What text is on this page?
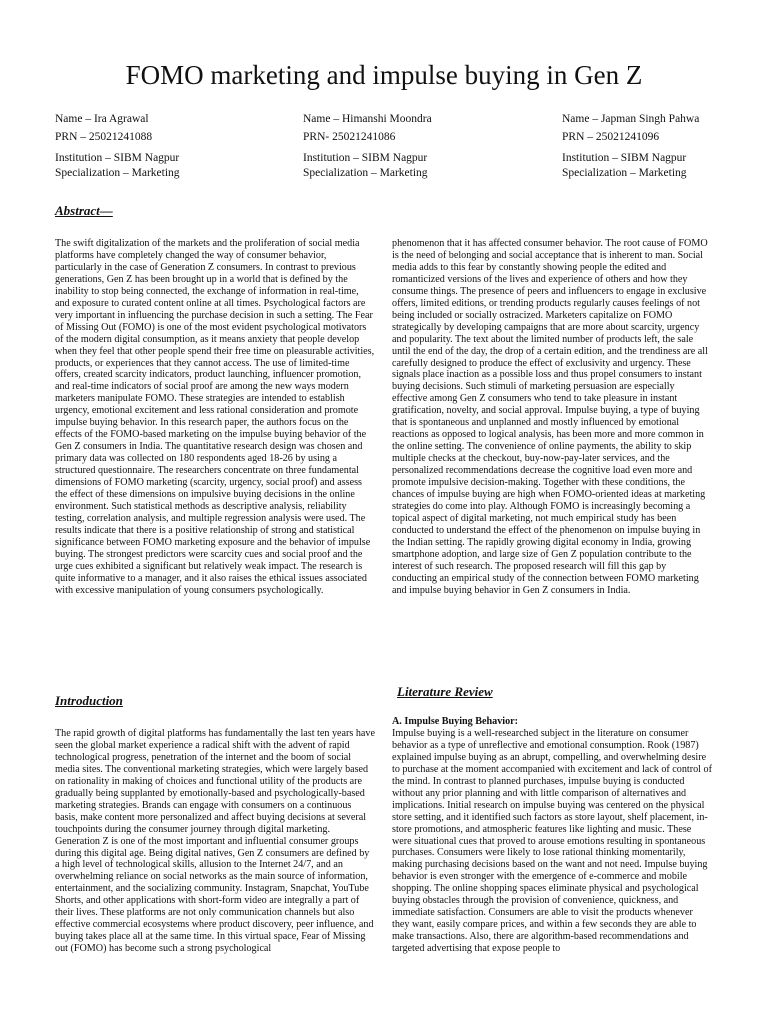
FOMO marketing and impulse buying in Gen Z
Name – Ira Agrawal
PRN – 25021241088
Institution – SIBM Nagpur
Specialization – Marketing
Name – Himanshi Moondra
PRN- 25021241086
Institution – SIBM Nagpur
Specialization – Marketing
Name – Japman Singh Pahwa
PRN – 25021241096
Institution – SIBM Nagpur
Specialization – Marketing
Abstract—

The swift digitalization of the markets and the proliferation of social media platforms have completely changed the way of consumer behavior, particularly in the case of Generation Z consumers. In contrast to previous generations, Gen Z has been brought up in a world that is defined by the inability to stop being connected, the exchange of information in real-time, and exposure to curated content online at all times. Psychological factors are very important in influencing the purchase decision in such a setting. The Fear of Missing Out (FOMO) is one of the most evident psychological motivators of the modern digital consumption, as it means anxiety that people develop when they feel that other people spend their free time on pleasurable activities, products, or experiences that they cannot access. The use of limited-time offers, created scarcity indicators, product launching, influencer promotion, and real-time indicators of social proof are among the new ways modern marketers manipulate FOMO. These strategies are intended to establish urgency, emotional excitement and less rational consideration and promote impulse buying behavior. In this research paper, the authors focus on the effects of the FOMO-based marketing on the impulse buying behavior of the Gen Z consumers in India. The quantitative research design was chosen and primary data was collected on 180 respondents aged 18-26 by using a structured questionnaire. The researchers concentrate on three fundamental dimensions of FOMO marketing (scarcity, urgency, social proof) and assess the effect of these dimensions on impulsive buying decisions in the online environment. Such statistical methods as descriptive analysis, reliability testing, correlation analysis, and multiple regression analysis were used. The results indicate that there is a positive relationship of strong and statistical significance between FOMO marketing exposure and the behavior of impulse buying. The strongest predictors were scarcity cues and social proof and the urge cues exhibited a significant but relatively weak impact. The research is quite informative to a manager, and it also raises the ethical issues associated with excessive manipulation of young consumers psychologically.

Introduction

The rapid growth of digital platforms has fundamentally the last ten years have seen the global market experience a radical shift with the advent of rapid technological progress, penetration of the internet and the boom of social media sites. The conventional marketing strategies, which were largely based on rationality in making of choices and functional utility of the products are gradually being supplanted by emotionally-based and psychologically-based marketing strategies. Brands can engage with consumers on a continuous basis, make content more personalized and affect buying decisions at several touchpoints during the consumer journey through digital marketing. Generation Z is one of the most important and influential consumer groups during this digital age. Being digital natives, Gen Z consumers are defined by a high level of technological skills, allusion to the Internet 24/7, and an overwhelming reliance on social networks as the main source of information, entertainment, and the socializing community. Instagram, Snapchat, YouTube Shorts, and other applications with short-form video are integrally a part of their lives. These platforms are not only communication channels but also effective commercial ecosystems where product discovery, peer influence, and buying takes place all at the same time. In this virtual space, Fear of Missing out (FOMO) has become such a strong psychological

phenomenon that it has affected consumer behavior. The root cause of FOMO is the need of belonging and social acceptance that is inherent to man. Social media adds to this fear by constantly showing people the edited and romanticized versions of the lives and experience of others and how they consume things. The presence of peers and influencers to engage in exclusive offers, limited editions, or trending products regularly causes feelings of not being included or socially ostracized. Marketers capitalize on FOMO strategically by developing campaigns that are more about scarcity, urgency and popularity. The text about the limited number of products left, the sale until the end of the day, the drop of a certain edition, and the trendiness are all carefully designed to produce the effect of exclusivity and urgency. These signals place inaction as a possible loss and thus propel consumers to instant buying decisions. Such stimuli of marketing persuasion are especially effective among Gen Z consumers who tend to take pleasure in instant gratification, novelty, and social approval. Impulse buying, a type of buying that is spontaneous and unplanned and mostly influenced by emotional reactions as opposed to logical analysis, has been more and more common in the online setting. The convenience of online payments, the ability to skip multiple checks at the checkout, buy-now-pay-later services, and the personalized recommendations decrease the cognitive load even more and promote impulsive decision-making. Together with these conditions, the chances of impulse buying are high when FOMO-oriented ideas at marketing strategies do come into play. Although FOMO is increasingly becoming a topical aspect of digital marketing, not much empirical study has been conducted to understand the effect of the phenomenon on impulse buying in the Indian setting. The rapidly growing digital economy in India, growing smartphone adoption, and large size of Gen Z population contribute to the interest of such research. The proposed research will fill this gap by conducting an empirical study of the connection between FOMO marketing and impulse buying behavior in Gen Z consumers in India.

Literature Review
A. Impulse Buying Behavior:

Impulse buying is a well-researched subject in the literature on consumer behavior as a type of unreflective and emotional consumption. Rook (1987) explained impulse buying as an abrupt, compelling, and overwhelming desire to purchase at the moment accompanied with excitement and lack of control of the mind. In contrast to planned purchases, impulse buying is conducted without any prior planning and with little comparison of alternatives and implications. Initial research on impulse buying was centered on the physical store setting, and it identified such factors as store layout, shelf placement, in-store promotions, and atmospheric features like lighting and music. These were situational cues that proved to arouse emotions resulting in spontaneous purchases. Consumers were likely to lose rational thinking momentarily, making purchasing decisions based on the want and not need. Impulse buying behavior is even stronger with the emergence of e-commerce and mobile shopping. The online shopping spaces eliminate physical and psychological buying obstacles through the provision of convenience, quickness, and immediate satisfaction. Consumers are able to visit the products whenever they want, easily compare prices, and within a few seconds they are able to make transactions. Also, there are algorithm-based recommendations and targeted advertising that expose people to
